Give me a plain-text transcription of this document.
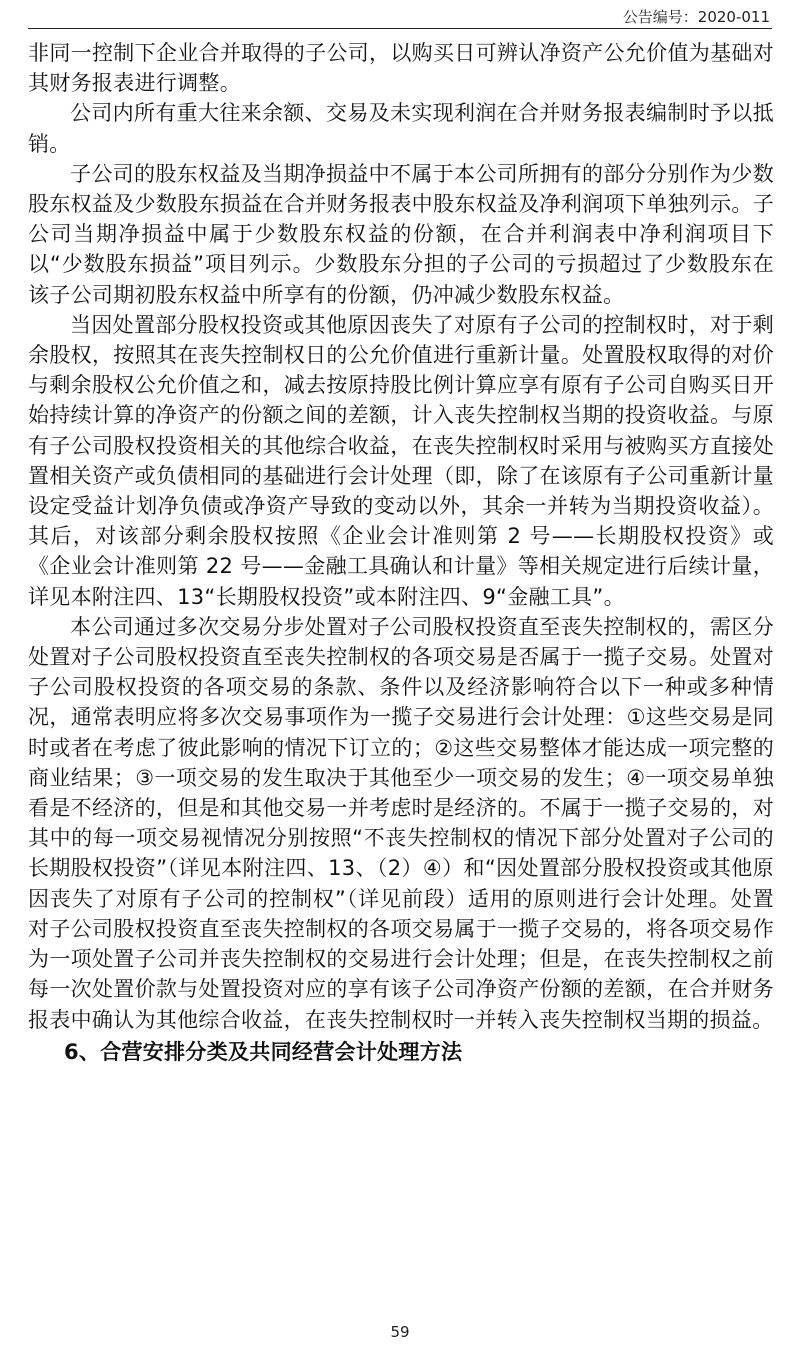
公告编号：2020-011

非同一控制下企业合并取得的子公司，以购买日可辨认净资产公允价值为基础对其财务报表进行调整。

公司内所有重大往来余额、交易及未实现利润在合并财务报表编制时予以抵销。

子公司的股东权益及当期净损益中不属于本公司所拥有的部分分别作为少数股东权益及少数股东损益在合并财务报表中股东权益及净利润项下单独列示。子公司当期净损益中属于少数股东权益的份额，在合并利润表中净利润项目下以“少数股东损益”项目列示。少数股东分担的子公司的亏损超过了少数股东在该子公司期初股东权益中所享有的份额，仍冲减少数股东权益。

当因处置部分股权投资或其他原因丧失了对原有子公司的控制权时，对于剩余股权，按照其在丧失控制权日的公允价值进行重新计量。处置股权取得的对价与剩余股权公允价值之和，减去按原持股比例计算应享有原有子公司自购买日开始持续计算的净资产的份额之间的差额，计入丧失控制权当期的投资收益。与原有子公司股权投资相关的其他综合收益，在丧失控制权时采用与被购买方直接处置相关资产或负债相同的基础进行会计处理（即，除了在该原有子公司重新计量设定受益计划净负债或净资产导致的变动以外，其余一并转为当期投资收益）。其后，对该部分剩余股权按照《企业会计准则第 2 号——长期股权投资》或《企业会计准则第 22 号——金融工具确认和计量》等相关规定进行后续计量，详见本附注四、13“长期股权投资”或本附注四、9“金融工具”。

本公司通过多次交易分步处置对子公司股权投资直至丧失控制权的，需区分处置对子公司股权投资直至丧失控制权的各项交易是否属于一揽子交易。处置对子公司股权投资的各项交易的条款、条件以及经济影响符合以下一种或多种情况，通常表明应将多次交易事项作为一揽子交易进行会计处理：①这些交易是同时或者在考虑了彼此影响的情况下订立的；②这些交易整体才能达成一项完整的商业结果；③一项交易的发生取决于其他至少一项交易的发生；④一项交易单独看是不经济的，但是和其他交易一并考虑时是经济的。不属于一揽子交易的，对其中的每一项交易视情况分别按照“不丧失控制权的情况下部分处置对子公司的长期股权投资”（详见本附注四、13、（2）④）和“因处置部分股权投资或其他原因丧失了对原有子公司的控制权”（详见前段）适用的原则进行会计处理。处置对子公司股权投资直至丧失控制权的各项交易属于一揽子交易的，将各项交易作为一项处置子公司并丧失控制权的交易进行会计处理；但是，在丧失控制权之前每一次处置价款与处置投资对应的享有该子公司净资产份额的差额，在合并财务报表中确认为其他综合收益，在丧失控制权时一并转入丧失控制权当期的损益。

6、合营安排分类及共同经营会计处理方法
59
